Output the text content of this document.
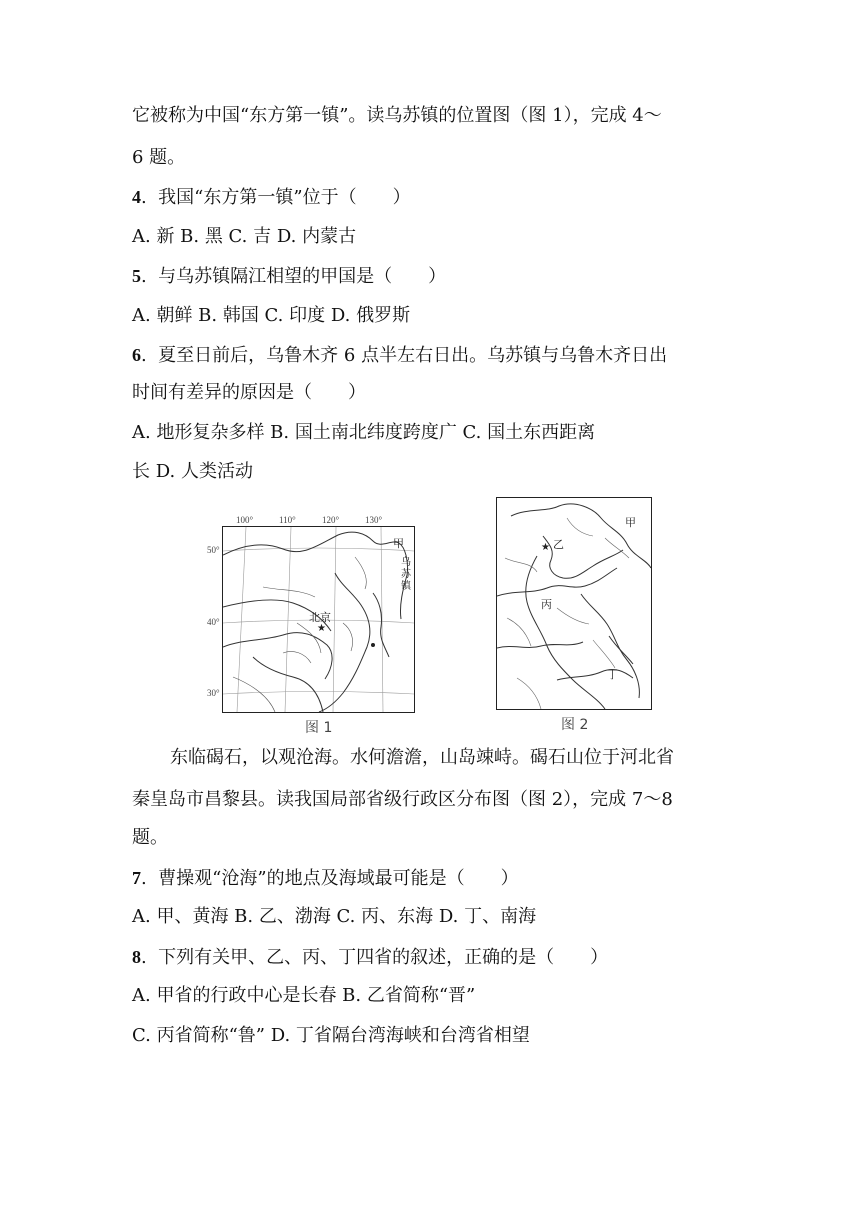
它被称为中国“东方第一镇”。读乌苏镇的位置图（图 1），完成 4～
6 题。
4.  我国“东方第一镇”位于（　　）
A. 新 B. 黑 C. 吉 D. 内蒙古
5.  与乌苏镇隔江相望的甲国是（　　）
A. 朝鲜 B. 韩国 C. 印度 D. 俄罗斯
6.  夏至日前后，乌鲁木齐 6 点半左右日出。乌苏镇与乌鲁木齐日出
时间有差异的原因是（　　）
A. 地形复杂多样 B. 国土南北纬度跨度广 C. 国土东西距离
长 D. 人类活动
甲
乌
苏
镇
北京
★
100°	110°	120°	130°
50°
40°
30°
图 1
甲
★ 乙
丙
丁
图 2
东临碣石，以观沧海。水何澹澹，山岛竦峙。碣石山位于河北省
秦皇岛市昌黎县。读我国局部省级行政区分布图（图 2），完成 7～8
题。
7.  曹操观“沧海”的地点及海域最可能是（　　）
A. 甲、黄海 B. 乙、渤海 C. 丙、东海 D. 丁、南海
8.  下列有关甲、乙、丙、丁四省的叙述，正确的是（　　）
A. 甲省的行政中心是长春 B. 乙省简称“晋”
C. 丙省简称“鲁” D. 丁省隔台湾海峡和台湾省相望
